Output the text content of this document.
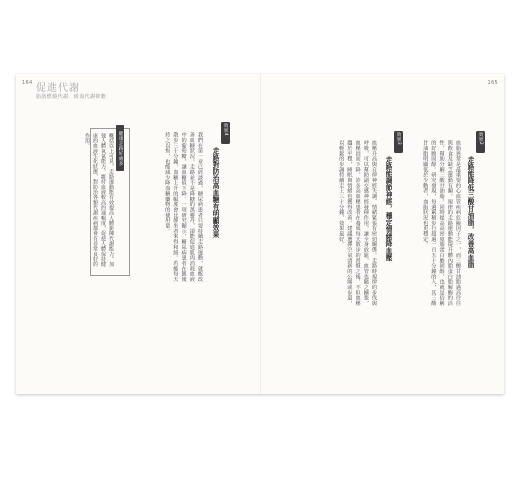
164 促進代謝
脂肪燃燒代謝．緩血代謝抑膽
效果4
走路對防治高血糖有明顯效果
我們在第一章已經談過，糖尿病患者只要持續走路運動，就能改善血糖狀況。走路並不是降糖的萬靈丹，卻能促進肌肉消耗血液中的葡萄糖，讓血糖值下降。一項研究顯示，糖尿病患者在飯後散步三十分鐘，血糖上升的幅度會比靜坐者來得和緩。若能每天持之以恆，也能減少降血糖藥物的使用量。
健康走路好處多
概括以上可見，走路運動能有效提高人體新陳代謝能力，加強人體氧氣能力，維持血液較高的通暢度，促使人體保持健康的血液生化狀態，對防治各類代謝疾病都會有非常良好的作用。
165
效果2
走路能降低三酸甘油脂，改善高血脂
血脂異常是最重要的心血管疾病危險因子之一，而三酸甘油脂過高往往與飲食及缺乏運動有關。規律的走路運動能提升體內脂蛋白脂解酶的活性，幫助分解三酸甘油脂，同時提高高密度脂蛋白膽固醇，也就是俗稱的好膽固醇。研究發現，每週累積步行超過一百五十分鐘的人，其三酸甘油脂明顯低於少動者，血脂狀況也更穩定。
效果3
走路能調節神經，穩定情緒降血壓
血壓升高與自律神經失調、情緒緊張有密切關係。走路時規律的步伐與呼吸，可以幫助副交感神經發揮作用，讓全身放鬆，血管也隨之擴張，血壓因而下降。許多高血壓患者在養成每天散步的習慣之後，不但血壓趨於平穩，睡眠與情緒也獲得改善。建議選擇空氣清新的公園或步道，以輕鬆的步調持續走上三十分鐘，效果最好。
